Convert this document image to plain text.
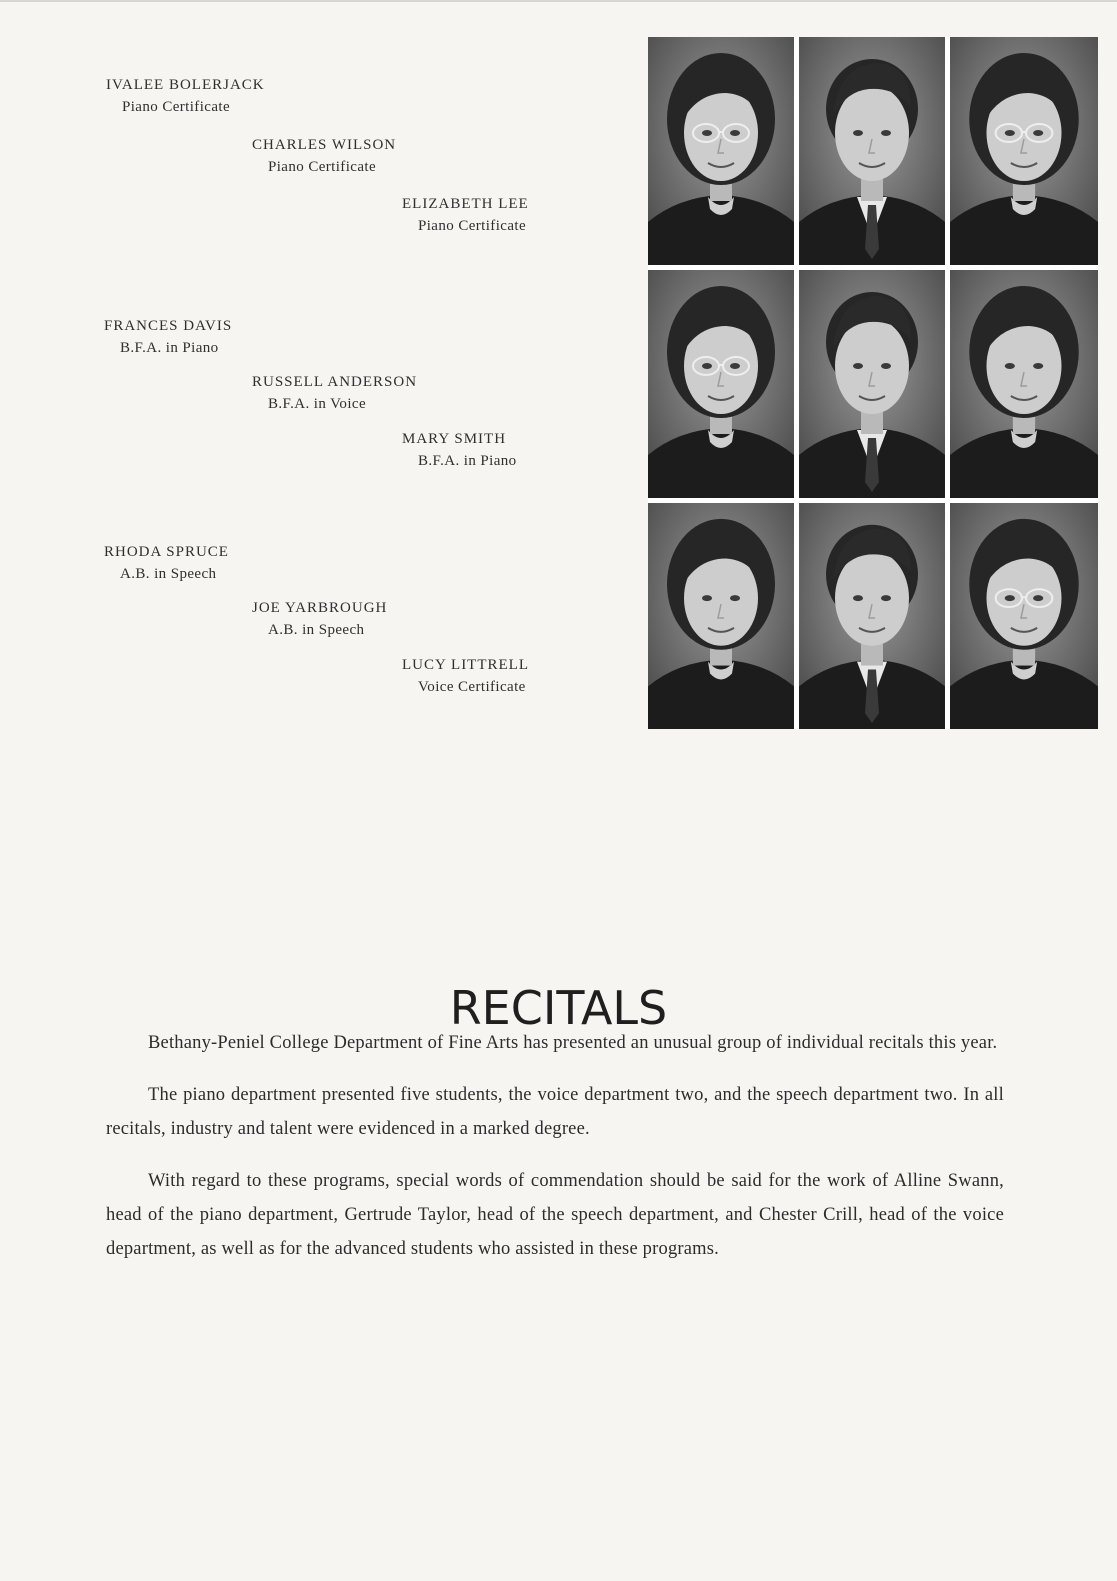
IVALEE BOLERJACK
Piano Certificate
CHARLES WILSON
Piano Certificate
ELIZABETH LEE
Piano Certificate
FRANCES DAVIS
B.F.A. in Piano
RUSSELL ANDERSON
B.F.A. in Voice
MARY SMITH
B.F.A. in Piano
RHODA SPRUCE
A.B. in Speech
JOE YARBROUGH
A.B. in Speech
LUCY LITTRELL
Voice Certificate
RECITALS

Bethany-Peniel College Department of Fine Arts has presented an unusual group of individual recitals this year.

The piano department presented five students, the voice department two, and the speech department two. In all recitals, industry and talent were evidenced in a marked degree.

With regard to these programs, special words of commendation should be said for the work of Alline Swann, head of the piano department, Gertrude Taylor, head of the speech department, and Chester Crill, head of the voice department, as well as for the advanced students who assisted in these programs.
